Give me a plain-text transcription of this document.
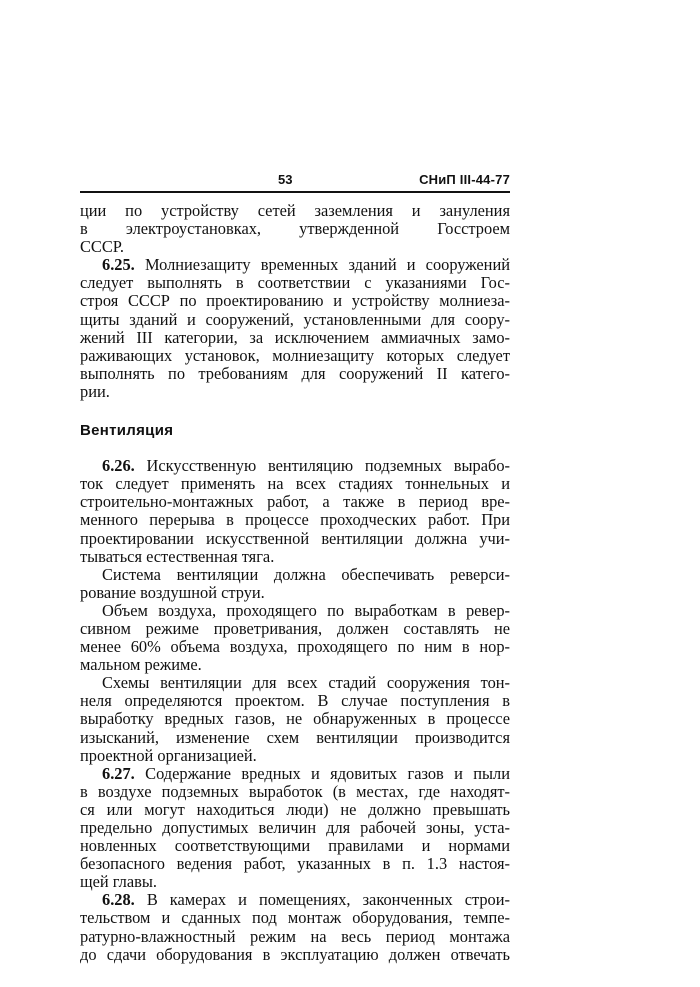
53	СНиП III-44-77

ции по устройству сетей заземления и зануления

в электроустановках, утвержденной Госстроем

СССР.

6.25. Молниезащиту временных зданий и сооружений

следует выполнять в соответствии с указаниями Гос-

строя СССР по проектированию и устройству молниеза-

щиты зданий и сооружений, установленными для соору-

жений III категории, за исключением аммиачных замо-

раживающих установок, молниезащиту которых следует

выполнять по требованиям для сооружений II катего-

рии.

Вентиляция

6.26. Искусственную вентиляцию подземных вырабо-

ток следует применять на всех стадиях тоннельных и

строительно-монтажных работ, а также в период вре-

менного перерыва в процессе проходческих работ. При

проектировании искусственной вентиляции должна учи-

тываться естественная тяга.

Система вентиляции должна обеспечивать реверси-

рование воздушной струи.

Объем воздуха, проходящего по выработкам в ревер-

сивном режиме проветривания, должен составлять не

менее 60% объема воздуха, проходящего по ним в нор-

мальном режиме.

Схемы вентиляции для всех стадий сооружения тон-

неля определяются проектом. В случае поступления в

выработку вредных газов, не обнаруженных в процессе

изысканий, изменение схем вентиляции производится

проектной организацией.

6.27. Содержание вредных и ядовитых газов и пыли

в воздухе подземных выработок (в местах, где находят-

ся или могут находиться люди) не должно превышать

предельно допустимых величин для рабочей зоны, уста-

новленных соответствующими правилами и нормами

безопасного ведения работ, указанных в п. 1.3 настоя-

щей главы.

6.28. В камерах и помещениях, законченных строи-

тельством и сданных под монтаж оборудования, темпе-

ратурно-влажностный режим на весь период монтажа

до сдачи оборудования в эксплуатацию должен отвечать
